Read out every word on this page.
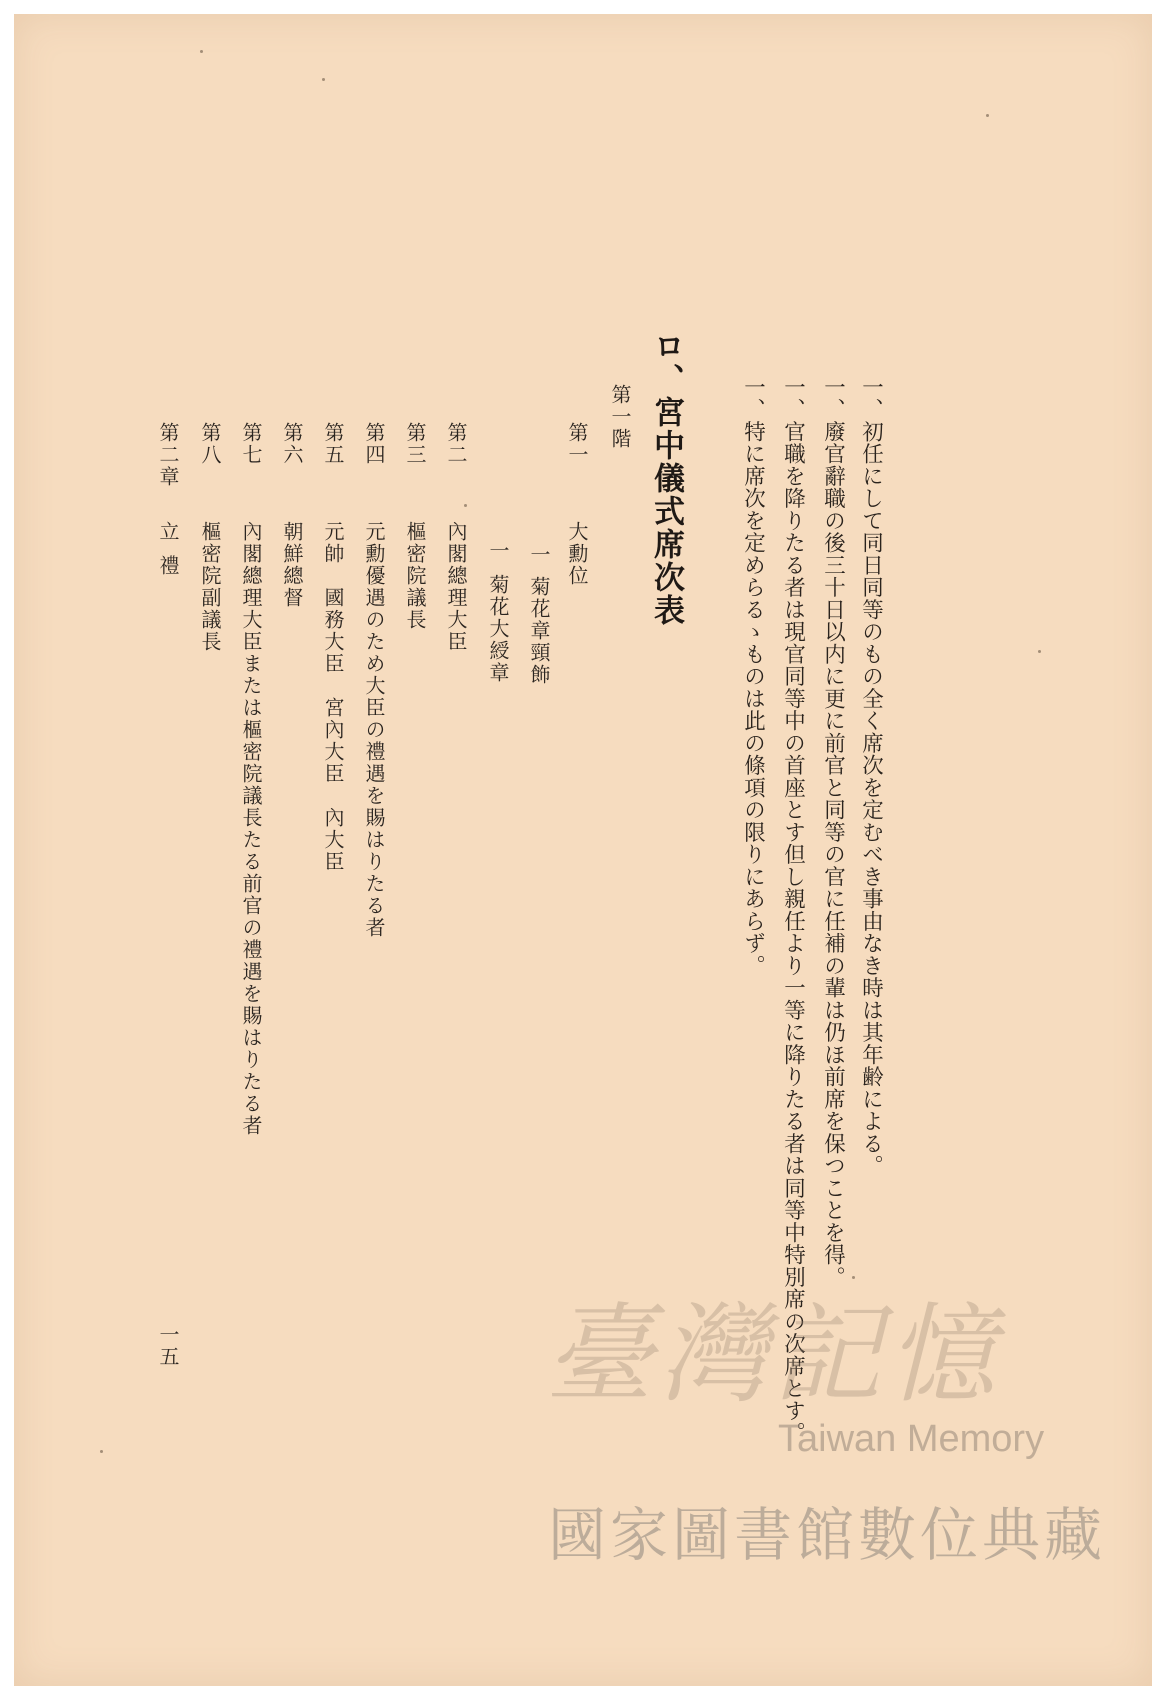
一、初任にして同日同等のもの全く席次を定むべき事由なき時は其年齢による。
一、廢官辭職の後三十日以内に更に前官と同等の官に任補の輩は仍ほ前席を保つことを得。
一、官職を降りたる者は現官同等中の首座とす但し親任より一等に降りたる者は同等中特別席の次席とす。
一、特に席次を定めらるゝものは此の條項の限りにあらず。
ロ、宮中儀式席次表
第一階
第一
大勳位
一
菊花章頸飾
一
菊花大綬章
第二
內閣總理大臣
第三
樞密院議長
第四
元勳優遇のため大臣の禮遇を賜はりたる者
第五
元帥　國務大臣　宮內大臣　內大臣
第六
朝鮮總督
第七
內閣總理大臣または樞密院議長たる前官の禮遇を賜はりたる者
第八
樞密院副議長
第二章
立禮
一五	臺灣記憶
Taiwan Memory
國家圖書館數位典藏
